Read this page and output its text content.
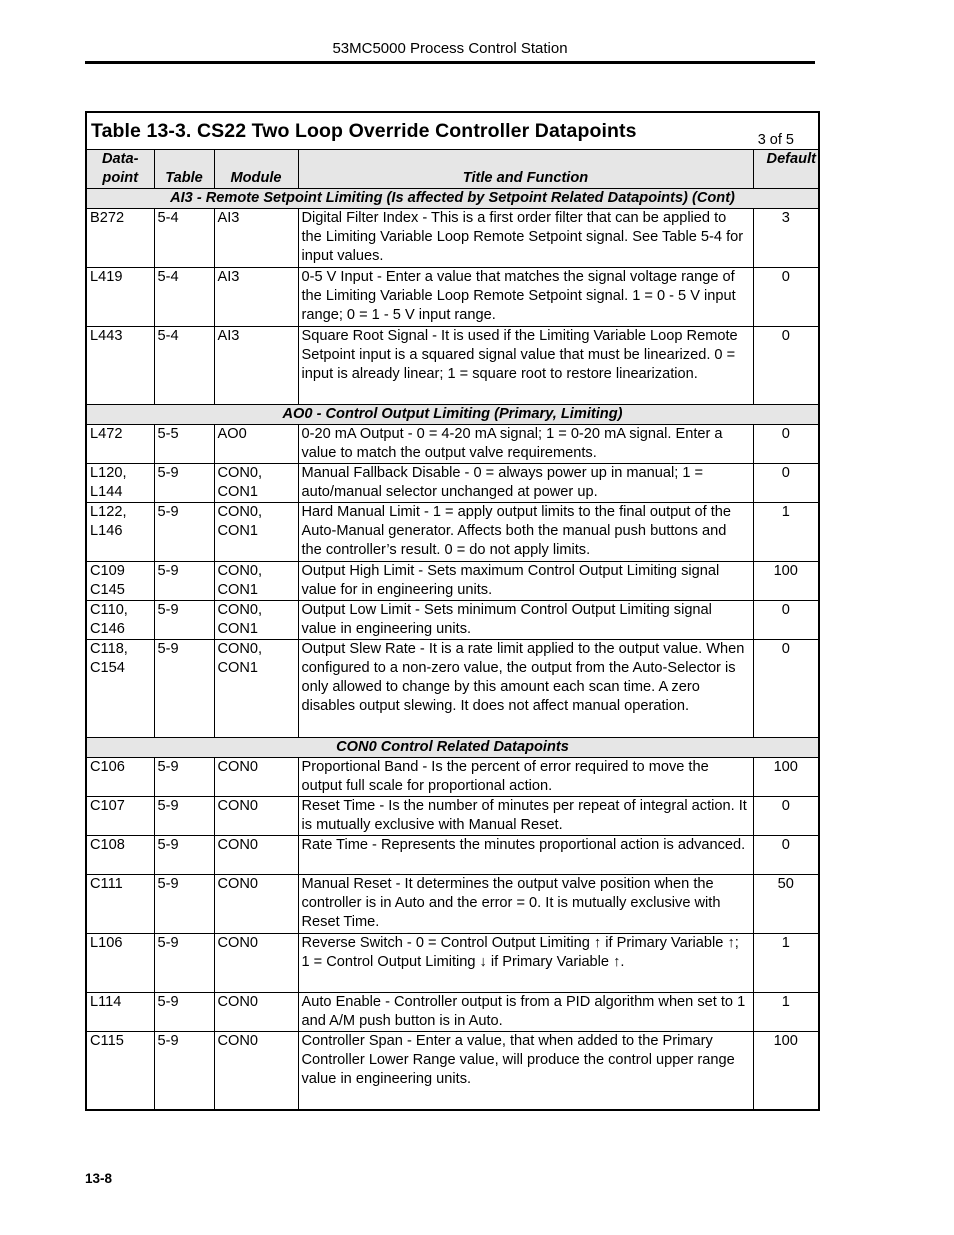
53MC5000 Process Control Station
Table 13-3. CS22 Two Loop Override Controller Datapoints 3 of 5				

Data-
point	Table	Module	Title and Function	Default
AI3 - Remote Setpoint Limiting (Is affected by Setpoint Related Datapoints) (Cont)				
B272	5-4	AI3	Digital Filter Index - This is a first order filter that can be applied to the Limiting Variable Loop Remote Setpoint signal. See Table 5-4 for input values.	3
L419	5-4	AI3	0-5 V Input - Enter a value that matches the signal voltage range of the Limiting Variable Loop Remote Setpoint signal. 1 = 0 - 5 V input range; 0 = 1 - 5 V input range.	0
L443	5-4	AI3	Square Root Signal - It is used if the Limiting Variable Loop Remote Setpoint input is a squared signal value that must be linearized. 0 = input is already linear; 1 = square root to restore linearization.	0
AO0 - Control Output Limiting (Primary, Limiting)				
L472	5-5	AO0	0-20 mA Output - 0 = 4-20 mA signal; 1 = 0-20 mA signal. Enter a value to match the output valve requirements.	0
L120, L144	5-9	CON0, CON1	Manual Fallback Disable - 0 = always power up in manual; 1 = auto/manual selector unchanged at power up.	0
L122, L146	5-9	CON0, CON1	Hard Manual Limit - 1 = apply output limits to the final output of the Auto-Manual generator. Affects both the manual push buttons and the controller’s result. 0 = do not apply limits.	1
C109 C145	5-9	CON0, CON1	Output High Limit - Sets maximum Control Output Limiting signal value for in engineering units.	100
C110, C146	5-9	CON0, CON1	Output Low Limit - Sets minimum Control Output Limiting signal value in engineering units.	0
C118, C154	5-9	CON0, CON1	Output Slew Rate - It is a rate limit applied to the output value. When configured to a non-zero value, the output from the Auto-Selector is only allowed to change by this amount each scan time. A zero disables output slewing. It does not affect manual operation.	0
CON0 Control Related Datapoints				
C106	5-9	CON0	Proportional Band - Is the percent of error required to move the output full scale for proportional action.	100
C107	5-9	CON0	Reset Time - Is the number of minutes per repeat of integral action. It is mutually exclusive with Manual Reset.	0
C108	5-9	CON0	Rate Time - Represents the minutes proportional action is advanced.	0
C111	5-9	CON0	Manual Reset - It determines the output valve position when the controller is in Auto and the error = 0. It is mutually exclusive with Reset Time.	50
L106	5-9	CON0	Reverse Switch - 0 = Control Output Limiting ↑ if Primary Variable ↑; 1 = Control Output Limiting ↓ if Primary Variable ↑.	1
L114	5-9	CON0	Auto Enable - Controller output is from a PID algorithm when set to 1 and A/M push button is in Auto.	1
C115	5-9	CON0	Controller Span - Enter a value, that when added to the Primary Controller Lower Range value, will produce the control upper range value in engineering units.	100
13-8
